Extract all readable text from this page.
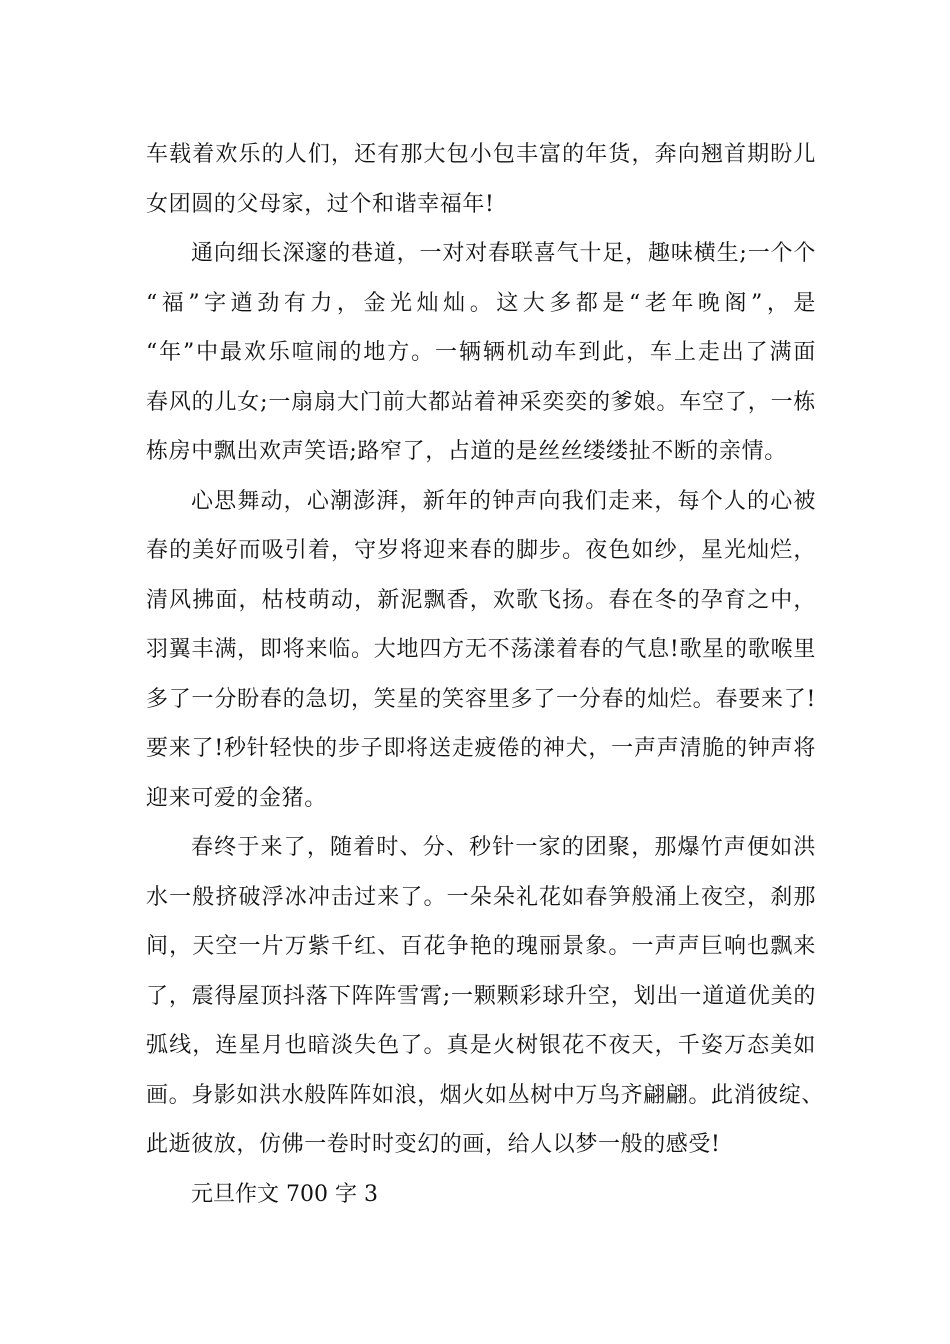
车载着欢乐的人们，还有那大包小包丰富的年货，奔向翘首期盼儿
女团圆的父母家，过个和谐幸福年!
通向细长深邃的巷道，一对对春联喜气十足，趣味横生;一个个
“福”字遒劲有力，金光灿灿。这大多都是“老年晚阁”，是
“年”中最欢乐喧闹的地方。一辆辆机动车到此，车上走出了满面
春风的儿女;一扇扇大门前大都站着神采奕奕的爹娘。车空了，一栋
栋房中飘出欢声笑语;路窄了，占道的是丝丝缕缕扯不断的亲情。
心思舞动，心潮澎湃，新年的钟声向我们走来，每个人的心被
春的美好而吸引着，守岁将迎来春的脚步。夜色如纱，星光灿烂，
清风拂面，枯枝萌动，新泥飘香，欢歌飞扬。春在冬的孕育之中，
羽翼丰满，即将来临。大地四方无不荡漾着春的气息!歌星的歌喉里
多了一分盼春的急切，笑星的笑容里多了一分春的灿烂。春要来了!
要来了!秒针轻快的步子即将送走疲倦的神犬，一声声清脆的钟声将
迎来可爱的金猪。
春终于来了，随着时、分、秒针一家的团聚，那爆竹声便如洪
水一般挤破浮冰冲击过来了。一朵朵礼花如春笋般涌上夜空，刹那
间，天空一片万紫千红、百花争艳的瑰丽景象。一声声巨响也飘来
了，震得屋顶抖落下阵阵雪霄;一颗颗彩球升空，划出一道道优美的
弧线，连星月也暗淡失色了。真是火树银花不夜天，千姿万态美如
画。身影如洪水般阵阵如浪，烟火如丛树中万鸟齐翩翩。此消彼绽、
此逝彼放，仿佛一卷时时变幻的画，给人以梦一般的感受!
元旦作文 700 字 3
